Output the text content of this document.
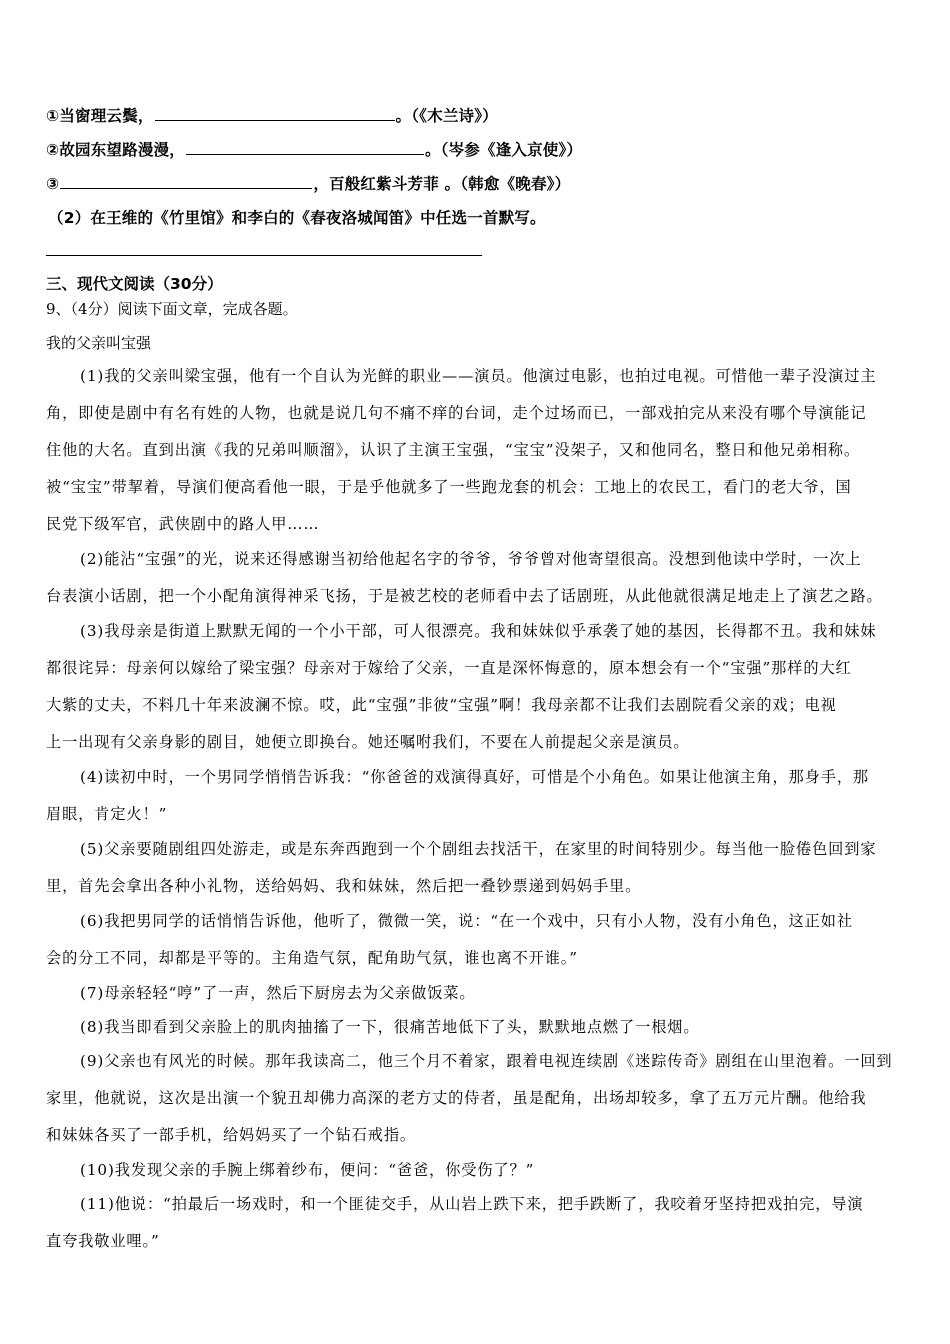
①当窗理云鬓，	。（《木兰诗》）
②故园东望路漫漫，	。（岑参《逢入京使》）
③	，百般红紫斗芳菲 。（韩愈《晚春》）
（2）在王维的《竹里馆》和李白的《春夜洛城闻笛》中任选一首默写。
三、现代文阅读（30分）
9、（4分）阅读下面文章，完成各题。
我的父亲叫宝强
(1)我的父亲叫梁宝强，他有一个自认为光鲜的职业——演员。他演过电影，也拍过电视。可惜他一辈子没演过主
角，即使是剧中有名有姓的人物，也就是说几句不痛不痒的台词，走个过场而已，一部戏拍完从来没有哪个导演能记
住他的大名。直到出演《我的兄弟叫顺溜》，认识了主演王宝强，“宝宝”没架子，又和他同名，整日和他兄弟相称。
被“宝宝”带挈着，导演们便高看他一眼，于是乎他就多了一些跑龙套的机会：工地上的农民工，看门的老大爷，国
民党下级军官，武侠剧中的路人甲……
(2)能沾“宝强”的光，说来还得感谢当初给他起名字的爷爷，爷爷曾对他寄望很高。没想到他读中学时，一次上
台表演小话剧，把一个小配角演得神采飞扬，于是被艺校的老师看中去了话剧班，从此他就很满足地走上了演艺之路。
(3)我母亲是街道上默默无闻的一个小干部，可人很漂亮。我和妹妹似乎承袭了她的基因，长得都不丑。我和妹妹
都很诧异：母亲何以嫁给了梁宝强？母亲对于嫁给了父亲，一直是深怀悔意的，原本想会有一个“宝强”那样的大红
大紫的丈夫，不料几十年来波澜不惊。哎，此“宝强”非彼“宝强”啊！我母亲都不让我们去剧院看父亲的戏；电视
上一出现有父亲身影的剧目，她便立即换台。她还嘱咐我们，不要在人前提起父亲是演员。
(4)读初中时，一个男同学悄悄告诉我：“你爸爸的戏演得真好，可惜是个小角色。如果让他演主角，那身手，那
眉眼，肯定火！”
(5)父亲要随剧组四处游走，或是东奔西跑到一个个剧组去找活干，在家里的时间特别少。每当他一脸倦色回到家
里，首先会拿出各种小礼物，送给妈妈、我和妹妹，然后把一叠钞票递到妈妈手里。
(6)我把男同学的话悄悄告诉他，他听了，微微一笑，说：“在一个戏中，只有小人物，没有小角色，这正如社
会的分工不同，却都是平等的。主角造气氛，配角助气氛，谁也离不开谁。”
(7)母亲轻轻“哼”了一声，然后下厨房去为父亲做饭菜。
(8)我当即看到父亲脸上的肌肉抽搐了一下，很痛苦地低下了头，默默地点燃了一根烟。
(9)父亲也有风光的时候。那年我读高二，他三个月不着家，跟着电视连续剧《迷踪传奇》剧组在山里泡着。一回到
家里，他就说，这次是出演一个貌丑却佛力高深的老方丈的侍者，虽是配角，出场却较多，拿了五万元片酬。他给我
和妹妹各买了一部手机，给妈妈买了一个钻石戒指。
(10)我发现父亲的手腕上绑着纱布，便问：“爸爸，你受伤了？”
(11)他说：“拍最后一场戏时，和一个匪徒交手，从山岩上跌下来，把手跌断了，我咬着牙坚持把戏拍完，导演
直夸我敬业哩。”
